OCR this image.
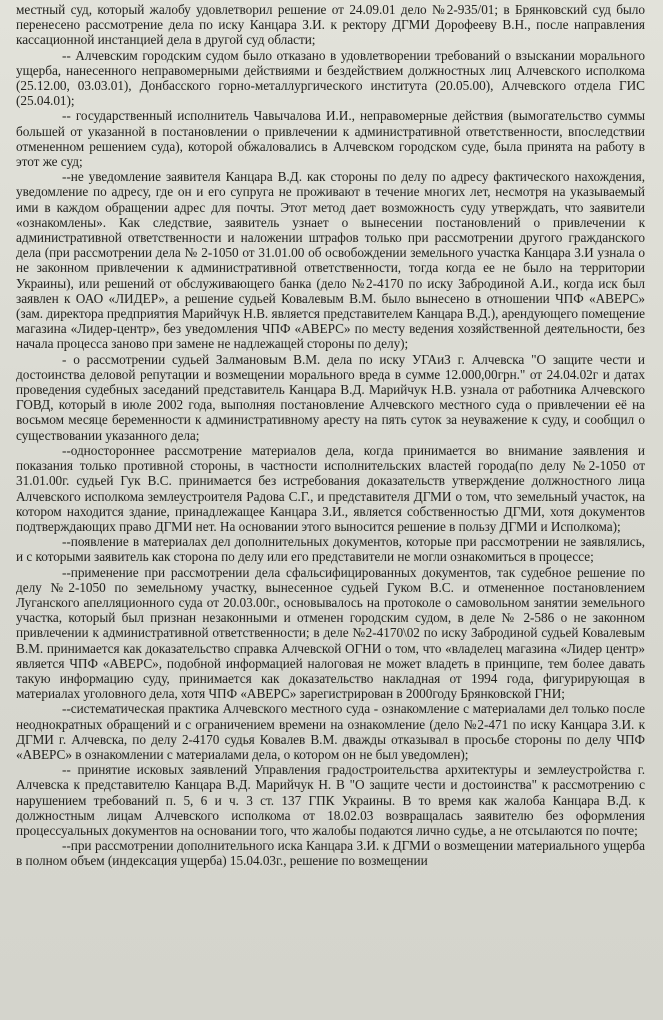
местный суд, который жалобу удовлетворил решение от 24.09.01 дело №2-935/01; в Брянковский суд было перенесено рассмотрение дела по иску Канцара З.И. к ректору ДГМИ Дорофееву В.Н., после направления кассационной инстанцией дела в другой суд области;

-- Алчевским городским судом было отказано в удовлетворении требований о взыскании морального ущерба, нанесенного неправомерными действиями и бездействием должностных лиц Алчевского исполкома (25.12.00, 03.03.01), Донбасского горно-металлургического института (20.05.00), Алчевского отдела ГИС (25.04.01);

-- государственный исполнитель Чавычалова И.И., неправомерные действия (вымогательство суммы большей от указанной в постановлении о привлечении к административной ответственности, впоследствии отмененном решением суда), которой обжаловались в Алчевском городском суде, была принята на работу в этот же суд;

--не уведомление заявителя Канцара В.Д. как стороны по делу по адресу фактического нахождения, уведомление по адресу, где он и его супруга не проживают в течение многих лет, несмотря на указываемый ими в каждом обращении адрес для почты. Этот метод дает возможность суду утверждать, что заявители «ознакомлены». Как следствие, заявитель узнает о вынесении постановлений о привлечении к административной ответственности и наложении штрафов только при рассмотрении другого гражданского дела (при рассмотрении дела № 2-1050 от 31.01.00 об освобождении земельного участка Канцара З.И узнала о не законном привлечении к административной ответственности, тогда когда ее не было на территории Украины), или решений от обслуживающего банка (дело №2-4170 по иску Забродиной А.И., когда иск был заявлен к ОАО «ЛИДЕР», а решение судьей Ковалевым В.М. было вынесено в отношении ЧПФ «АВЕРС» (зам. директора предприятия Марийчук Н.В. является представителем Канцара В.Д.), арендующего помещение магазина «Лидер-центр», без уведомления ЧПФ «АВЕРС» по месту ведения хозяйственной деятельности, без начала процесса заново при замене не надлежащей стороны по делу);

- о рассмотрении судьей Залмановым В.М. дела по иску УГАиЗ г. Алчевска "О защите чести и достоинства деловой репутации и возмещении морального вреда в сумме 12.000,00грн." от 24.04.02г и датах проведения судебных заседаний представитель Канцара В.Д. Марийчук Н.В. узнала от работника Алчевского ГОВД, который в июле 2002 года, выполняя постановление Алчевского местного суда о привлечении её на восьмом месяце беременности к административному аресту на пять суток за неуважение к суду, и сообщил о существовании указанного дела;

--одностороннее рассмотрение материалов дела, когда принимается во внимание заявления и показания только противной стороны, в частности исполнительских властей города(по делу №2-1050 от 31.01.00г. судьей Гук В.С. принимается без истребования доказательств утверждение должностного лица Алчевского исполкома землеустроителя Радова С.Г., и представителя ДГМИ о том, что земельный участок, на котором находится здание, принадлежащее Канцара З.И., является собственностью ДГМИ, хотя документов подтверждающих право ДГМИ нет. На основании этого выносится решение в пользу ДГМИ и Исполкома);

--появление в материалах дел дополнительных документов, которые при рассмотрении не заявлялись, и с которыми заявитель как сторона по делу или его представители не могли ознакомиться в процессе;

--применение при рассмотрении дела сфальсифицированных документов, так судебное решение по делу №2-1050 по земельному участку, вынесенное судьей Гуком В.С. и отмененное постановлением Луганского апелляционного суда от 20.03.00г., основывалось на протоколе о самовольном занятии земельного участка, который был признан незаконными и отменен городским судом, в деле № 2-586 о не законном привлечении к административной ответственности; в деле №2-4170\02 по иску Забродиной судьей Ковалевым В.М. принимается как доказательство справка Алчевской ОГНИ о том, что «владелец магазина «Лидер центр» является ЧПФ «АВЕРС», подобной информацией налоговая не может владеть в принципе, тем более давать такую информацию суду, принимается как доказательство накладная от 1994 года, фигурирующая в материалах уголовного дела, хотя ЧПФ «АВЕРС» зарегистрирован в 2000году Брянковской ГНИ;

--систематическая практика Алчевского местного суда - ознакомление с материалами дел только после неоднократных обращений и с ограничением времени на ознакомление (дело №2-471 по иску Канцара З.И. к ДГМИ г. Алчевска, по делу 2-4170 судья Ковалев В.М. дважды отказывал в просьбе стороны по делу ЧПФ «АВЕРС» в ознакомлении с материалами дела, о котором он не был уведомлен);

-- принятие исковых заявлений Управления градостроительства архитектуры и землеустройства г. Алчевска к представителю Канцара В.Д. Марийчук Н. В "О защите чести и достоинства" к рассмотрению с нарушением требований п. 5, 6 и ч. 3 ст. 137 ГПК Украины. В то время как жалоба Канцара В.Д. к должностным лицам Алчевского исполкома от 18.02.03 возвращалась заявителю без оформления процессуальных документов на основании того, что жалобы подаются лично судье, а не отсылаются по почте;

--при рассмотрении дополнительного иска Канцара З.И. к ДГМИ о возмещении материального ущерба в полном объем (индексация ущерба) 15.04.03г., решение по возмещении
